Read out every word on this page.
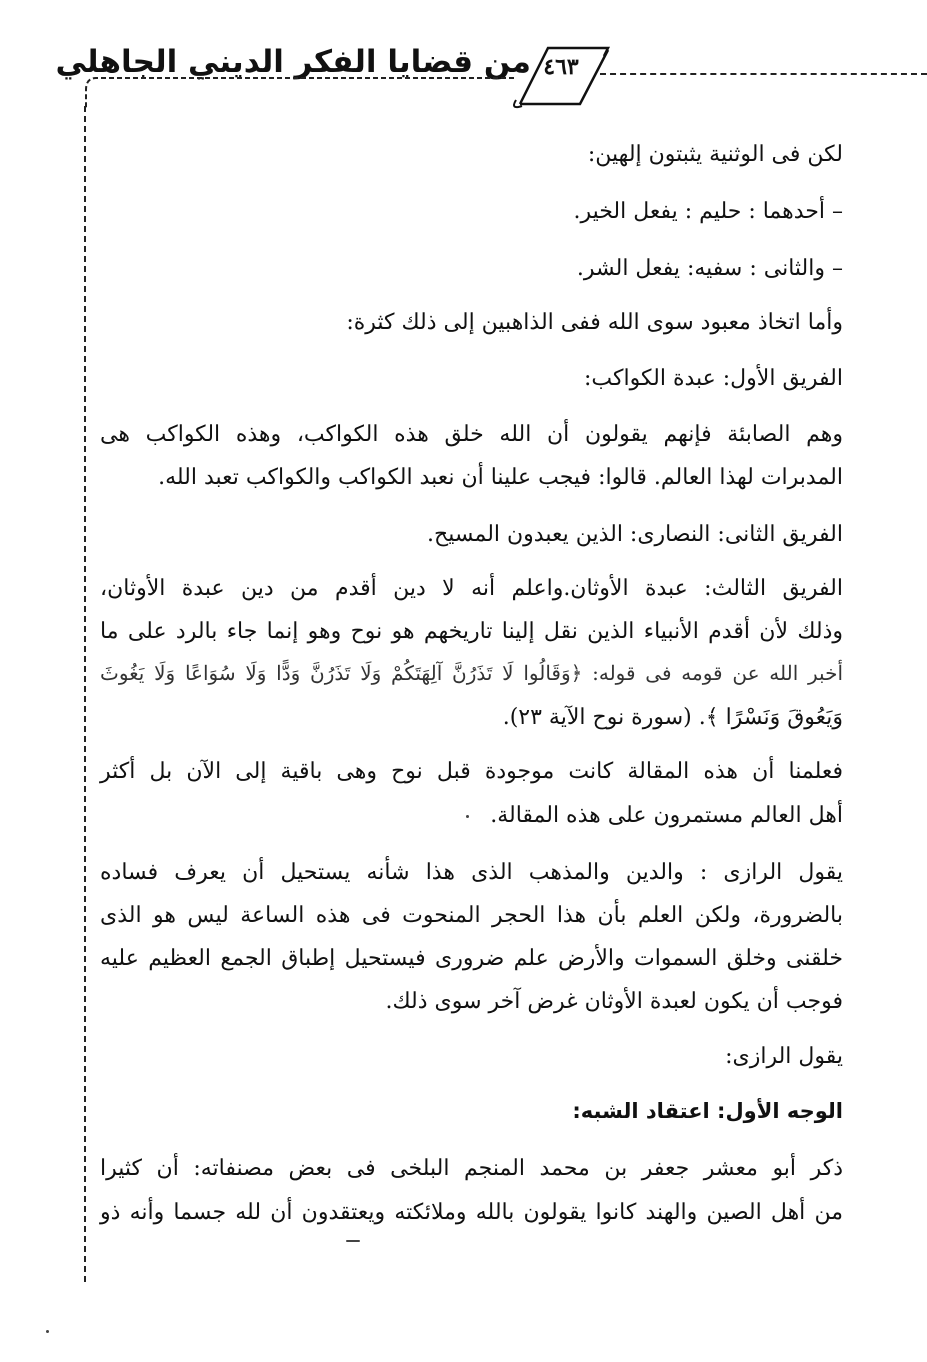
من قضايا الفكر الديني الجاهلي ٤٦٣
لكن فى الوثنية يثبتون إلهين:
– أحدهما : حليم : يفعل الخير.
– والثانى : سفيه: يفعل الشر.
وأما اتخاذ معبود سوى الله ففى الذاهبين إلى ذلك كثرة:
الفريق الأول: عبدة الكواكب:
وهم الصابئة فإنهم يقولون أن الله خلق هذه الكواكب، وهذه الكواكب هى
المدبرات لهذا العالم. قالوا: فيجب علينا أن نعبد الكواكب والكواكب تعبد الله.
الفريق الثانى: النصارى: الذين يعبدون المسيح.
الفريق الثالث: عبدة الأوثان.واعلم أنه لا دين أقدم من دين عبدة الأوثان،
وذلك لأن أقدم الأنبياء الذين نقل إلينا تاريخهم هو نوح وهو إنما جاء بالرد على ما
أخبر الله عن قومه فى قوله: ﴿وَقَالُوا لَا تَذَرُنَّ آلِهَتَكُمْ وَلَا تَذَرُنَّ وَدًّا وَلَا سُوَاعًا وَلَا يَغُوثَ
وَيَعُوقَ وَنَسْرًا ﴾. (سورة نوح الآية ٢٣).
فعلمنا أن هذه المقالة كانت موجودة قبل نوح وهى باقية إلى الآن بل أكثر
أهل العالم مستمرون على هذه المقالة.
يقول الرازى : والدين والمذهب الذى هذا شأنه يستحيل أن يعرف فساده
بالضرورة، ولكن العلم بأن هذا الحجر المنحوت فى هذه الساعة ليس هو الذى
خلقنى وخلق السموات والأرض علم ضرورى فيستحيل إطباق الجمع العظيم عليه
فوجب أن يكون لعبدة الأوثان غرض آخر سوى ذلك.
يقول الرازى:
الوجه الأول: اعتقاد الشبه:
ذكر أبو معشر جعفر بن محمد المنجم البلخى فى بعض مصنفاته: أن كثيرا
من أهل الصين والهند كانوا يقولون بالله وملائكته ويعتقدون أن لله جسما وأنه ذو
